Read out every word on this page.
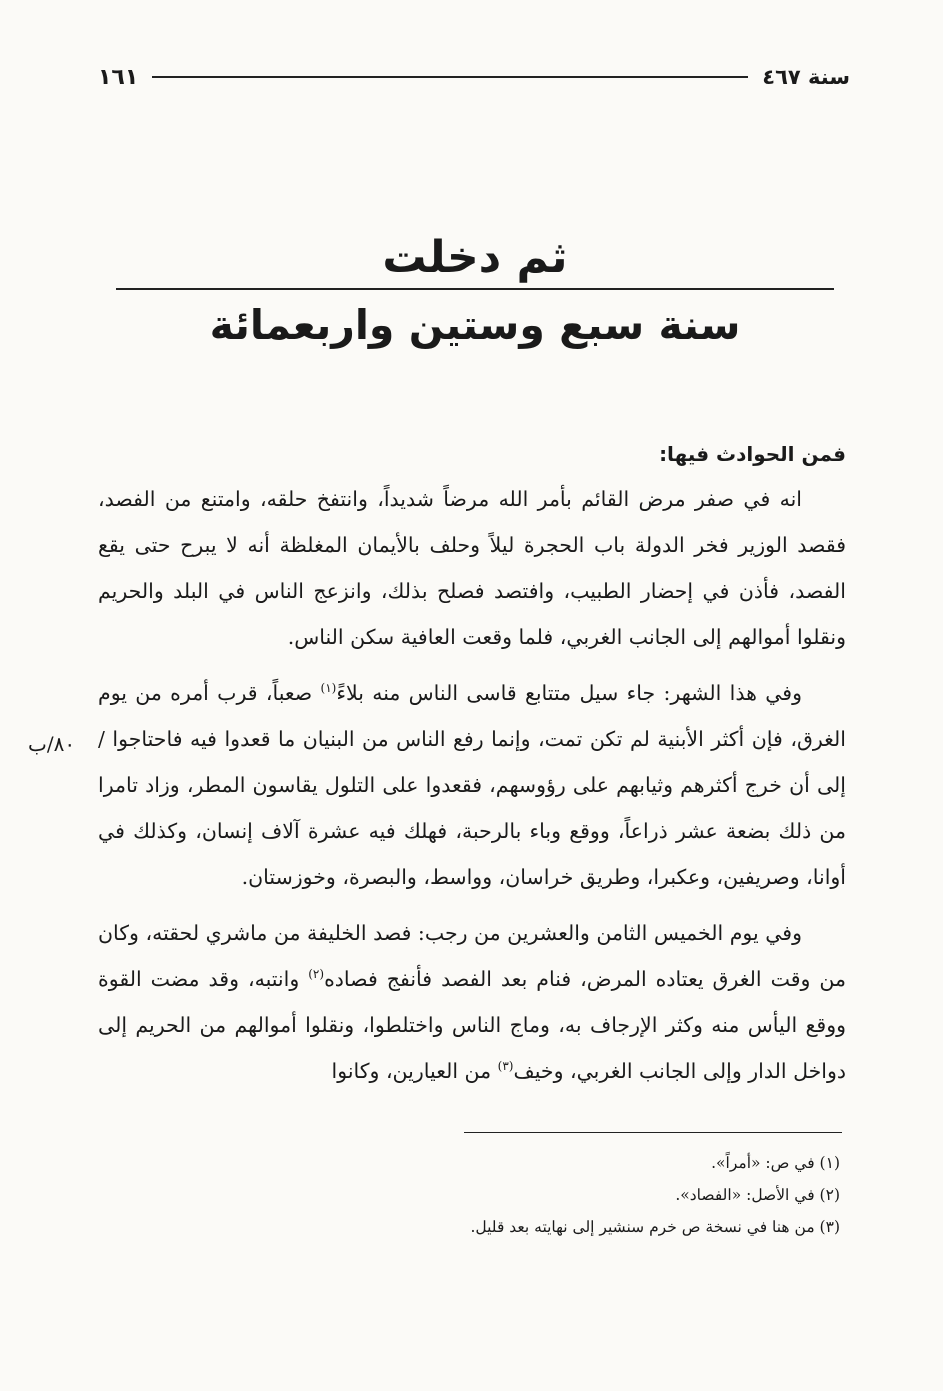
سنة ٤٦٧
١٦١
ثم دخلت
سنة سبع وستين واربعمائة

فمن الحوادث فيها:

انه في صفر مرض القائم بأمر الله مرضاً شديداً، وانتفخ حلقه، وامتنع من الفصد، فقصد الوزير فخر الدولة باب الحجرة ليلاً وحلف بالأيمان المغلظة أنه لا يبرح حتى يقع الفصد، فأذن في إحضار الطبيب، وافتصد فصلح بذلك، وانزعج الناس في البلد والحريم ونقلوا أموالهم إلى الجانب الغربي، فلما وقعت العافية سكن الناس.

وفي هذا الشهر: جاء سيل متتابع قاسى الناس منه بلاءً$^{(١)}$ صعباً، قرب أمره من يوم الغرق، فإن أكثر الأبنية لم تكن تمت، وإنما رفع الناس من البنيان ما قعدوا فيه فاحتاجوا / إلى أن خرج أكثرهم وثيابهم على رؤوسهم، فقعدوا على التلول يقاسون المطر، وزاد تامرا من ذلك بضعة عشر ذراعاً، ووقع وباء بالرحبة، فهلك فيه عشرة آلاف إنسان، وكذلك في أوانا، وصريفين، وعكبرا، وطريق خراسان، وواسط، والبصرة، وخوزستان.

وفي يوم الخميس الثامن والعشرين من رجب: فصد الخليفة من ماشري لحقته، وكان من وقت الغرق يعتاده المرض، فنام بعد الفصد فأنفج فصاده$^{(٢)}$ وانتبه، وقد مضت القوة ووقع اليأس منه وكثر الإرجاف به، وماج الناس واختلطوا، ونقلوا أموالهم من الحريم إلى دواخل الدار وإلى الجانب الغربي، وخيف$^{(٣)}$ من العيارين، وكانوا

٨٠/ب

(١) في ص: «أمراً».

(٢) في الأصل: «الفصاد».

(٣) من هنا في نسخة ص خرم سنشير إلى نهايته بعد قليل.
